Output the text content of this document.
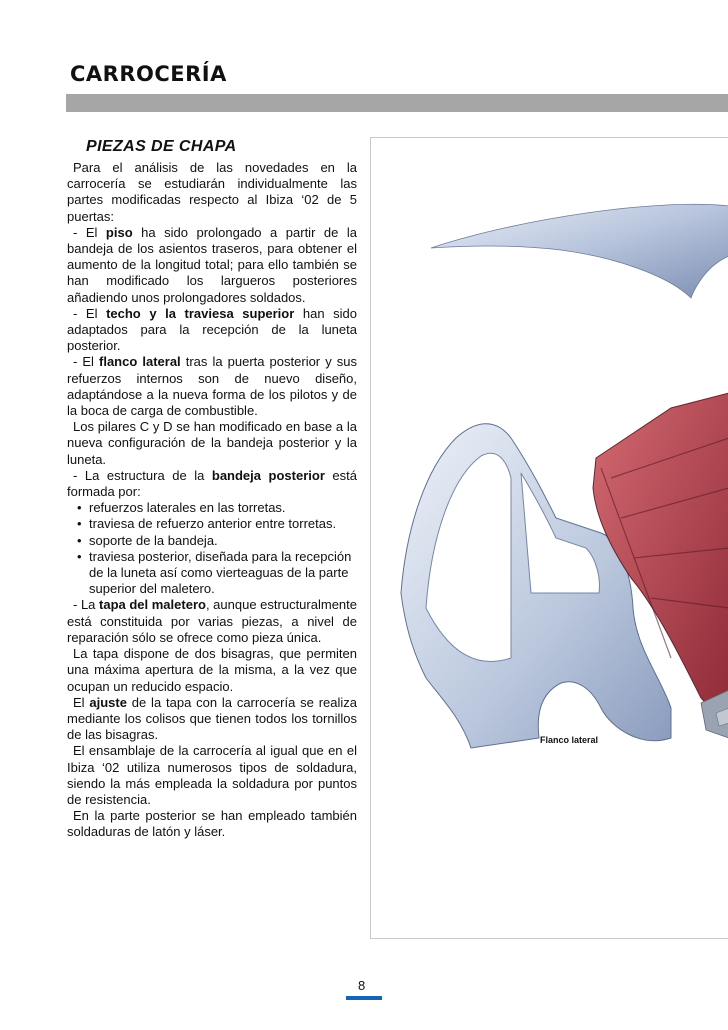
CARROCERÍA
PIEZAS DE CHAPA

Para el análisis de las novedades en la carrocería se estudiarán individualmente las partes modificadas respecto al Ibiza ‘02 de 5 puertas:

- El piso ha sido prolongado a partir de la bandeja de los asientos traseros, para obtener el aumento de la longitud total; para ello también se han modificado los largueros posteriores añadiendo unos prolongadores soldados.

- El techo y la traviesa superior han sido adaptados para la recepción de la luneta posterior.

- El flanco lateral tras la puerta posterior y sus refuerzos internos son de nuevo diseño, adaptándose a la nueva forma de los pilotos y de la boca de carga de combustible.

Los pilares C y D se han modificado en base a la nueva configuración de la bandeja posterior y la luneta.

- La estructura de la bandeja posterior está formada por:

• refuerzos laterales en las torretas.

• traviesa de refuerzo anterior entre torretas.

• soporte de la bandeja.

• traviesa posterior, diseñada para la recepción de la luneta así como vierteaguas de la parte superior del maletero.

- La tapa del maletero, aunque estructuralmente está constituida por varias piezas, a nivel de reparación sólo se ofrece como pieza única.

La tapa dispone de dos bisagras, que permiten una máxima apertura de la misma, a la vez que ocupan un reducido espacio.

El ajuste de la tapa con la carrocería se realiza mediante los colisos que tienen todos los tornillos de las bisagras.

El ensamblaje de la carrocería al igual que en el Ibiza ‘02 utiliza numerosos tipos de soldadura, siendo la más empleada la soldadura por puntos de resistencia.

En la parte posterior se han empleado también soldaduras de latón y láser.

Flanco lateral
8
